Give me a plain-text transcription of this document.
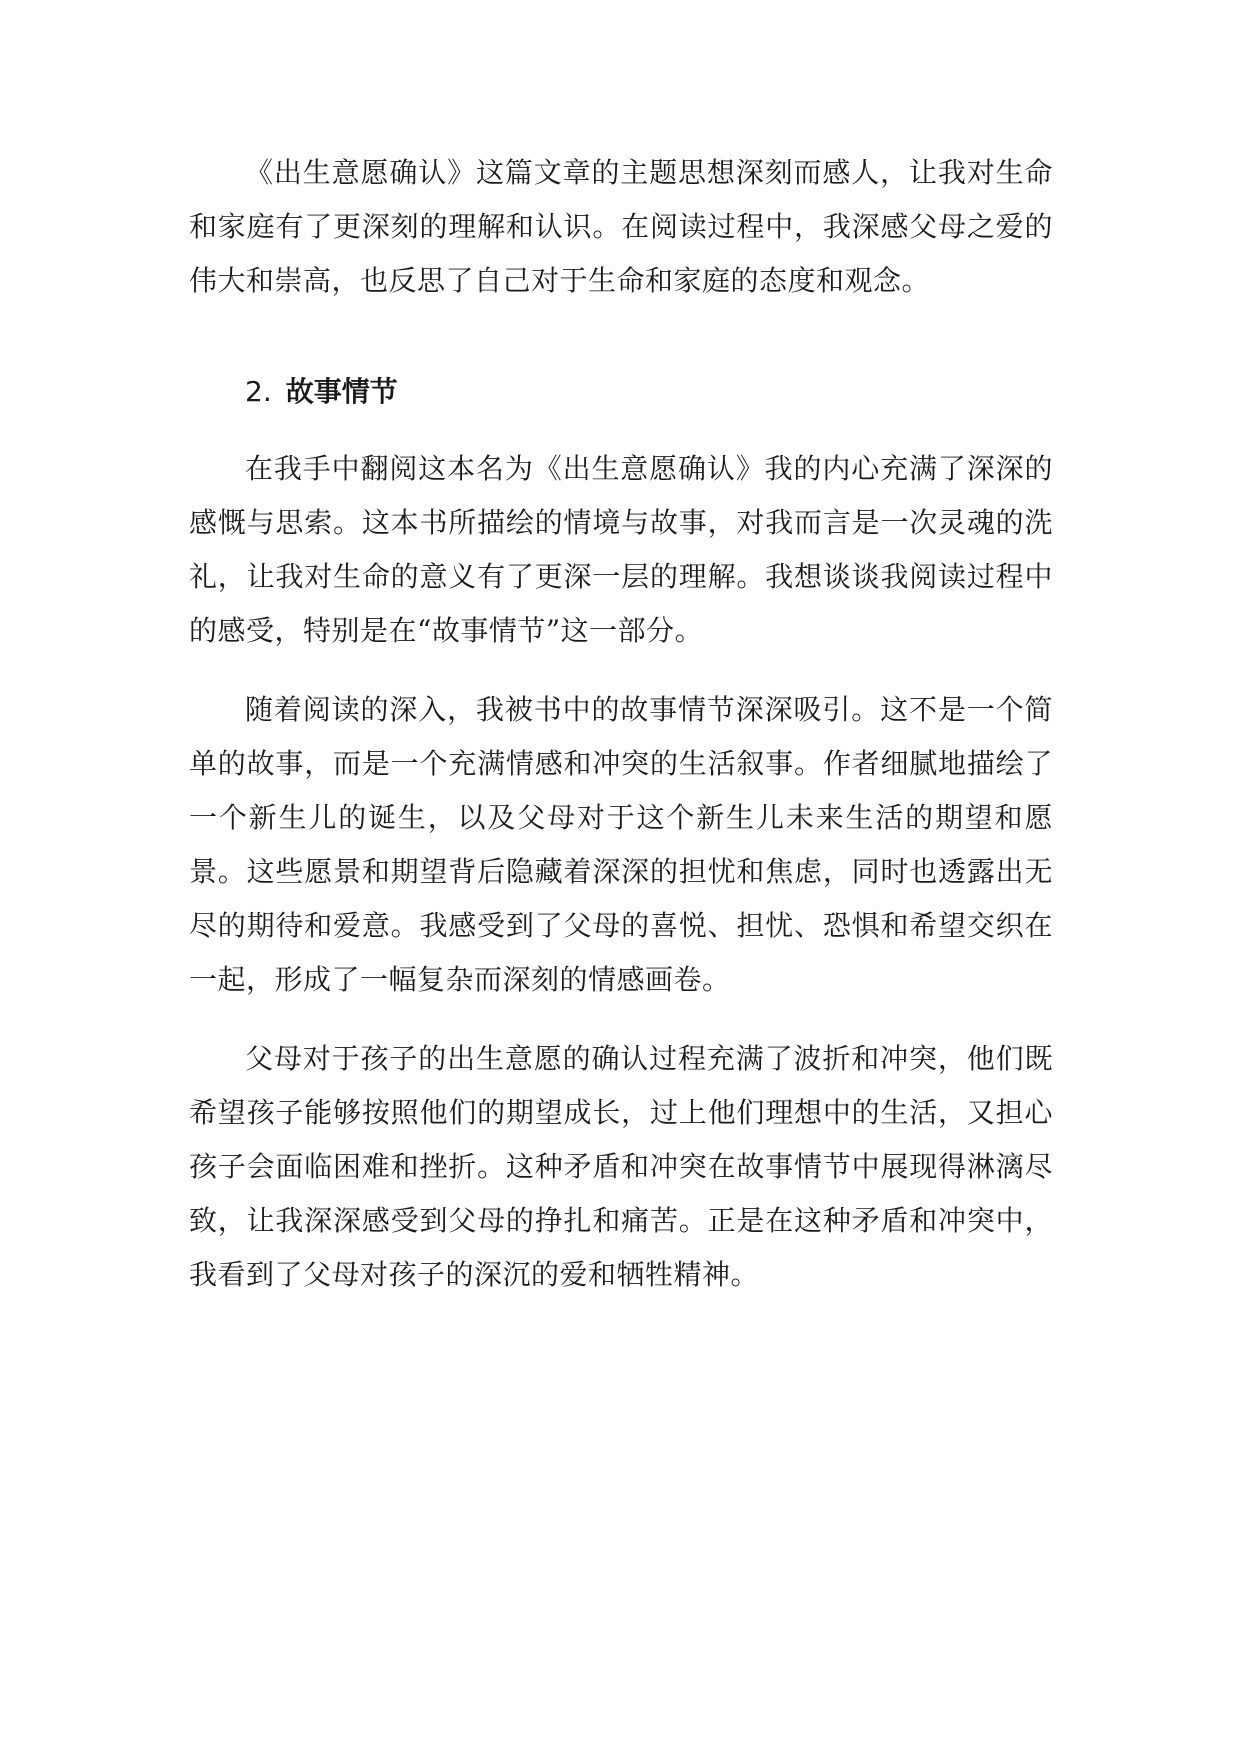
《出生意愿确认》这篇文章的主题思想深刻而感人，让我对生命和家庭有了更深刻的理解和认识。在阅读过程中，我深感父母之爱的伟大和崇高，也反思了自己对于生命和家庭的态度和观念。

2. 故事情节

在我手中翻阅这本名为《出生意愿确认》我的内心充满了深深的感慨与思索。这本书所描绘的情境与故事，对我而言是一次灵魂的洗礼，让我对生命的意义有了更深一层的理解。我想谈谈我阅读过程中的感受，特别是在“故事情节”这一部分。

随着阅读的深入，我被书中的故事情节深深吸引。这不是一个简单的故事，而是一个充满情感和冲突的生活叙事。作者细腻地描绘了一个新生儿的诞生，以及父母对于这个新生儿未来生活的期望和愿景。这些愿景和期望背后隐藏着深深的担忧和焦虑，同时也透露出无尽的期待和爱意。我感受到了父母的喜悦、担忧、恐惧和希望交织在一起，形成了一幅复杂而深刻的情感画卷。

父母对于孩子的出生意愿的确认过程充满了波折和冲突，他们既希望孩子能够按照他们的期望成长，过上他们理想中的生活，又担心孩子会面临困难和挫折。这种矛盾和冲突在故事情节中展现得淋漓尽致，让我深深感受到父母的挣扎和痛苦。正是在这种矛盾和冲突中，我看到了父母对孩子的深沉的爱和牺牲精神。
